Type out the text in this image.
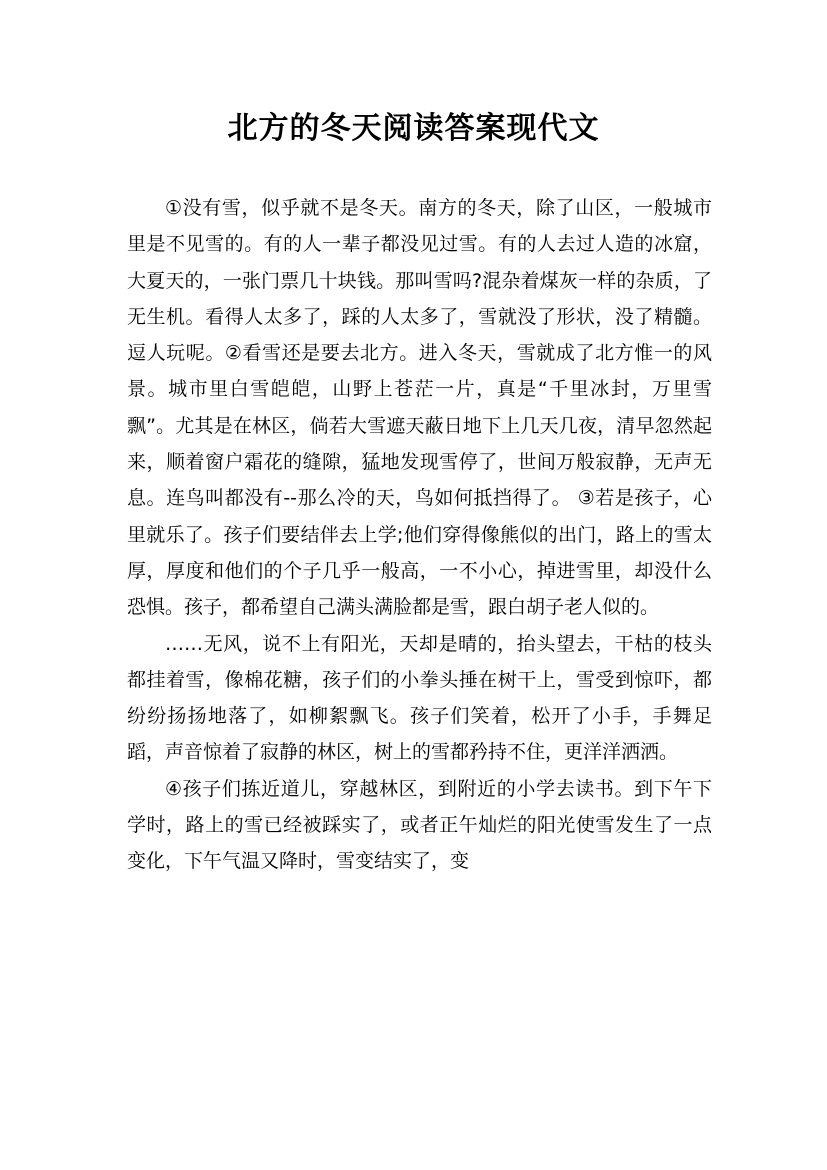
北方的冬天阅读答案现代文

①没有雪，似乎就不是冬天。南方的冬天，除了山区，一般城市里是不见雪的。有的人一辈子都没见过雪。有的人去过人造的冰窟，大夏天的，一张门票几十块钱。那叫雪吗?混杂着煤灰一样的杂质，了无生机。看得人太多了，踩的人太多了，雪就没了形状，没了精髓。逗人玩呢。②看雪还是要去北方。进入冬天，雪就成了北方惟一的风景。城市里白雪皑皑，山野上苍茫一片，真是“千里冰封，万里雪飘”。尤其是在林区，倘若大雪遮天蔽日地下上几天几夜，清早忽然起来，顺着窗户霜花的缝隙，猛地发现雪停了，世间万般寂静，无声无息。连鸟叫都没有--那么冷的天，鸟如何抵挡得了。 ③若是孩子，心里就乐了。孩子们要结伴去上学;他们穿得像熊似的出门，路上的雪太厚，厚度和他们的个子几乎一般高，一不小心，掉进雪里，却没什么恐惧。孩子，都希望自己满头满脸都是雪，跟白胡子老人似的。

……无风，说不上有阳光，天却是晴的，抬头望去，干枯的枝头都挂着雪，像棉花糖，孩子们的小拳头捶在树干上，雪受到惊吓，都纷纷扬扬地落了，如柳絮飘飞。孩子们笑着，松开了小手，手舞足蹈，声音惊着了寂静的林区，树上的雪都矜持不住，更洋洋洒洒。

④孩子们拣近道儿，穿越林区，到附近的小学去读书。到下午下学时，路上的雪已经被踩实了，或者正午灿烂的阳光使雪发生了一点变化，下午气温又降时，雪变结实了，变
